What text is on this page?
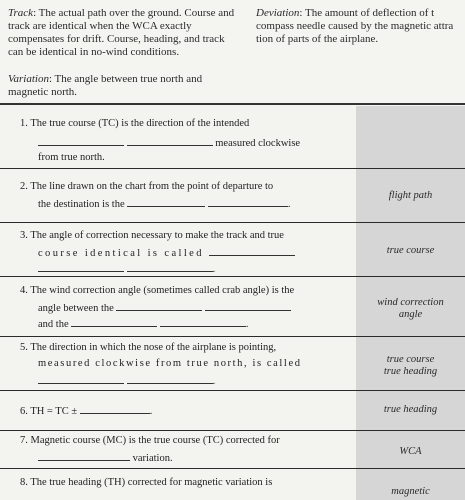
Track: The actual path over the ground. Course and track are identical when the WCA exactly compensates for drift. Course, heading, and track can be identical in no-wind conditions.
Variation: The angle between true north and magnetic north.
Deviation: The amount of deflection of t compass needle caused by the magnetic attra tion of parts of the airplane.
1. The true course (TC) is the direction of the intended
measured clockwise
from true north.
2. The line drawn on the chart from the point of departure to
the destination is the	.
flight path
3. The angle of correction necessary to make the track and true
course identical is called
.
true course
4. The wind correction angle (sometimes called crab angle) is the
angle between the
and the	.
wind correction
angle
5. The direction in which the nose of the airplane is pointing,
measured clockwise from true north, is called
.
true course
true heading
6. TH = TC ±	.	true heading
7. Magnetic course (MC) is the true course (TC) corrected for
variation.
WCA
8. The true heading (TH) corrected for magnetic variation is
magnetic
